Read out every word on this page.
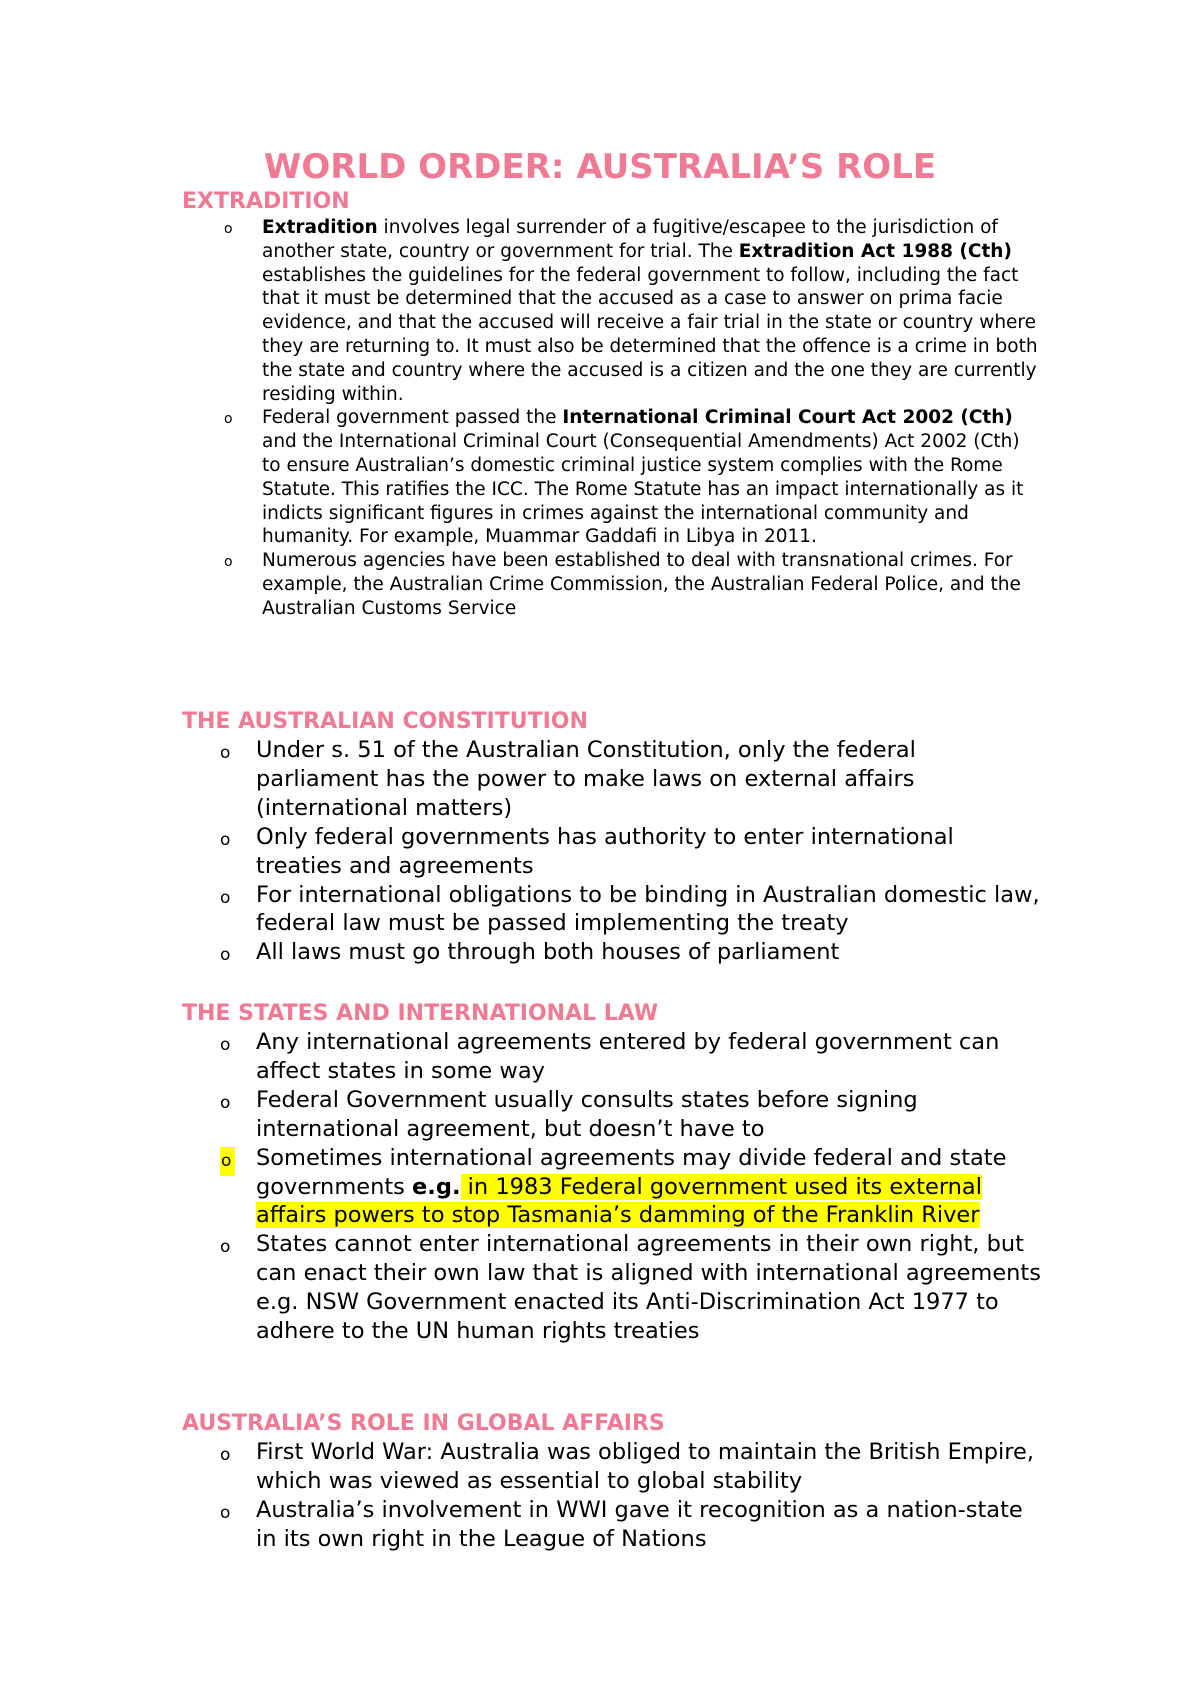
WORLD ORDER: AUSTRALIA’S ROLE
EXTRADITION
o Extradition involves legal surrender of a fugitive/escapee to the jurisdiction of another state, country or government for trial. The Extradition Act 1988 (Cth) establishes the guidelines for the federal government to follow, including the fact that it must be determined that the accused as a case to answer on prima facie evidence, and that the accused will receive a fair trial in the state or country where they are returning to. It must also be determined that the offence is a crime in both the state and country where the accused is a citizen and the one they are currently residing within.
o Federal government passed the International Criminal Court Act 2002 (Cth) and the International Criminal Court (Consequential Amendments) Act 2002 (Cth) to ensure Australian’s domestic criminal justice system complies with the Rome Statute. This ratifies the ICC. The Rome Statute has an impact internationally as it indicts significant figures in crimes against the international community and humanity. For example, Muammar Gaddafi in Libya in 2011.
o Numerous agencies have been established to deal with transnational crimes. For example, the Australian Crime Commission, the Australian Federal Police, and the Australian Customs Service
THE AUSTRALIAN CONSTITUTION
o Under s. 51 of the Australian Constitution, only the federal parliament has the power to make laws on external affairs (international matters)
o Only federal governments has authority to enter international treaties and agreements
o For international obligations to be binding in Australian domestic law, federal law must be passed implementing the treaty
o All laws must go through both houses of parliament
THE STATES AND INTERNATIONAL LAW
o Any international agreements entered by federal government can affect states in some way
o Federal Government usually consults states before signing international agreement, but doesn’t have to
o Sometimes international agreements may divide federal and state governments e.g. in 1983 Federal government used its external affairs powers to stop Tasmania’s damming of the Franklin River
o States cannot enter international agreements in their own right, but can enact their own law that is aligned with international agreements e.g. NSW Government enacted its Anti-Discrimination Act 1977 to adhere to the UN human rights treaties
AUSTRALIA’S ROLE IN GLOBAL AFFAIRS
o First World War: Australia was obliged to maintain the British Empire, which was viewed as essential to global stability
o Australia’s involvement in WWI gave it recognition as a nation-state in its own right in the League of Nations
